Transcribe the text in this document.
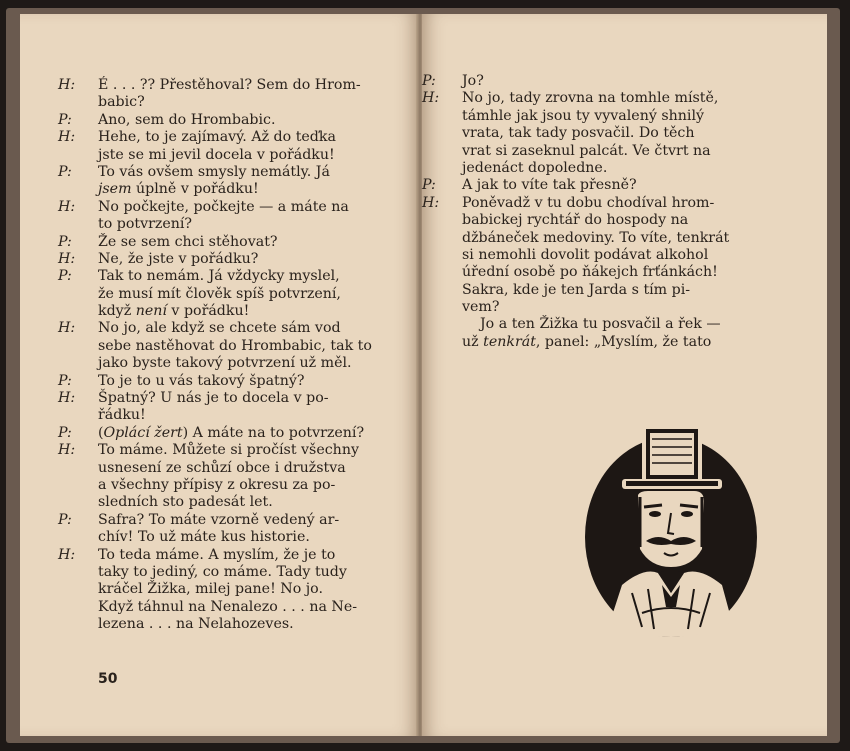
H: É . . . ?? Přestěhoval? Sem do Hrom-
babic?
P: Ano, sem do Hrombabic.
H: Hehe, to je zajímavý. Až do teďka
jste se mi jevil docela v pořádku!
P: To vás ovšem smysly nemátly. Já
jsem úplně v pořádku!
H: No počkejte, počkejte — a máte na
to potvrzení?
P: Že se sem chci stěhovat?
H: Ne, že jste v pořádku?
P: Tak to nemám. Já vždycky myslel,
že musí mít člověk spíš potvrzení,
když není v pořádku!
H: No jo, ale když se chcete sám vod
sebe nastěhovat do Hrombabic, tak to
jako byste takový potvrzení už měl.
P: To je to u vás takový špatný?
H: Špatný? U nás je to docela v po-
řádku!
P: (Oplácí žert) A máte na to potvrzení?
H: To máme. Můžete si pročíst všechny
usnesení ze schůzí obce i družstva
a všechny přípisy z okresu za po-
sledních sto padesát let.
P: Safra? To máte vzorně vedený ar-
chív! To už máte kus historie.
H: To teda máme. A myslím, že je to
taky to jediný, co máme. Tady tudy
kráčel Žižka, milej pane! No jo.
Když táhnul na Nenalezo . . . na Ne-
lezena . . . na Nelahozeves.
50
P: Jo?
H: No jo, tady zrovna na tomhle místě,
támhle jak jsou ty vyvalený shnilý
vrata, tak tady posvačil. Do těch
vrat si zaseknul palcát. Ve čtvrt na
jedenáct dopoledne.
P: A jak to víte tak přesně?
H: Poněvadž v tu dobu chodíval hrom-
babickej rychtář do hospody na
džbáneček medoviny. To víte, tenkrát
si nemohli dovolit podávat alkohol
úřední osobě po ňákejch frťánkách!
Sakra, kde je ten Jarda s tím pi-
vem?
Jo a ten Žižka tu posvačil a řek —
už tenkrát, panel: „Myslím, že tato
